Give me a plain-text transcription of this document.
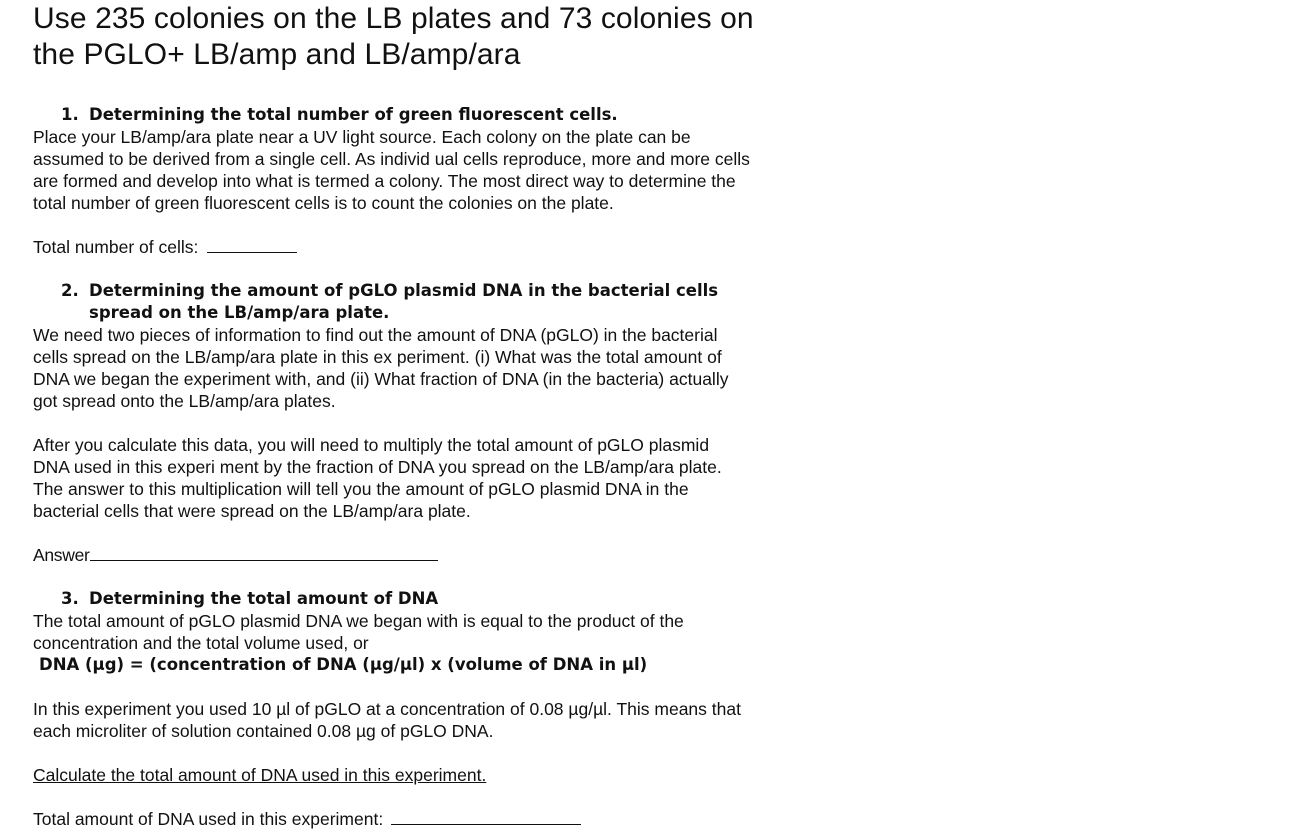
Use 235 colonies on the LB plates and 73 colonies on
the PGLO+ LB/amp and LB/amp/ara
1. Determining the total number of green fluorescent cells.

Place your LB/amp/ara plate near a UV light source. Each colony on the plate can be

assumed to be derived from a single cell. As individ ual cells reproduce, more and more cells

are formed and develop into what is termed a colony. The most direct way to determine the

total number of green fluorescent cells is to count the colonies on the plate.

Total number of cells:

2. Determining the amount of pGLO plasmid DNA in the bacterial cells
spread on the LB/amp/ara plate.

We need two pieces of information to find out the amount of DNA (pGLO) in the bacterial

cells spread on the LB/amp/ara plate in this ex periment. (i) What was the total amount of

DNA we began the experiment with, and (ii) What fraction of DNA (in the bacteria) actually

got spread onto the LB/amp/ara plates.

After you calculate this data, you will need to multiply the total amount of pGLO plasmid

DNA used in this experi ment by the fraction of DNA you spread on the LB/amp/ara plate.

The answer to this multiplication will tell you the amount of pGLO plasmid DNA in the

bacterial cells that were spread on the LB/amp/ara plate.

Answer

3. Determining the total amount of DNA

The total amount of pGLO plasmid DNA we began with is equal to the product of the

concentration and the total volume used, or

DNA (µg) = (concentration of DNA (µg/µl) x (volume of DNA in µl)

In this experiment you used 10 µl of pGLO at a concentration of 0.08 µg/µl. This means that

each microliter of solution contained 0.08 µg of pGLO DNA.

Calculate the total amount of DNA used in this experiment.

Total amount of DNA used in this experiment:
